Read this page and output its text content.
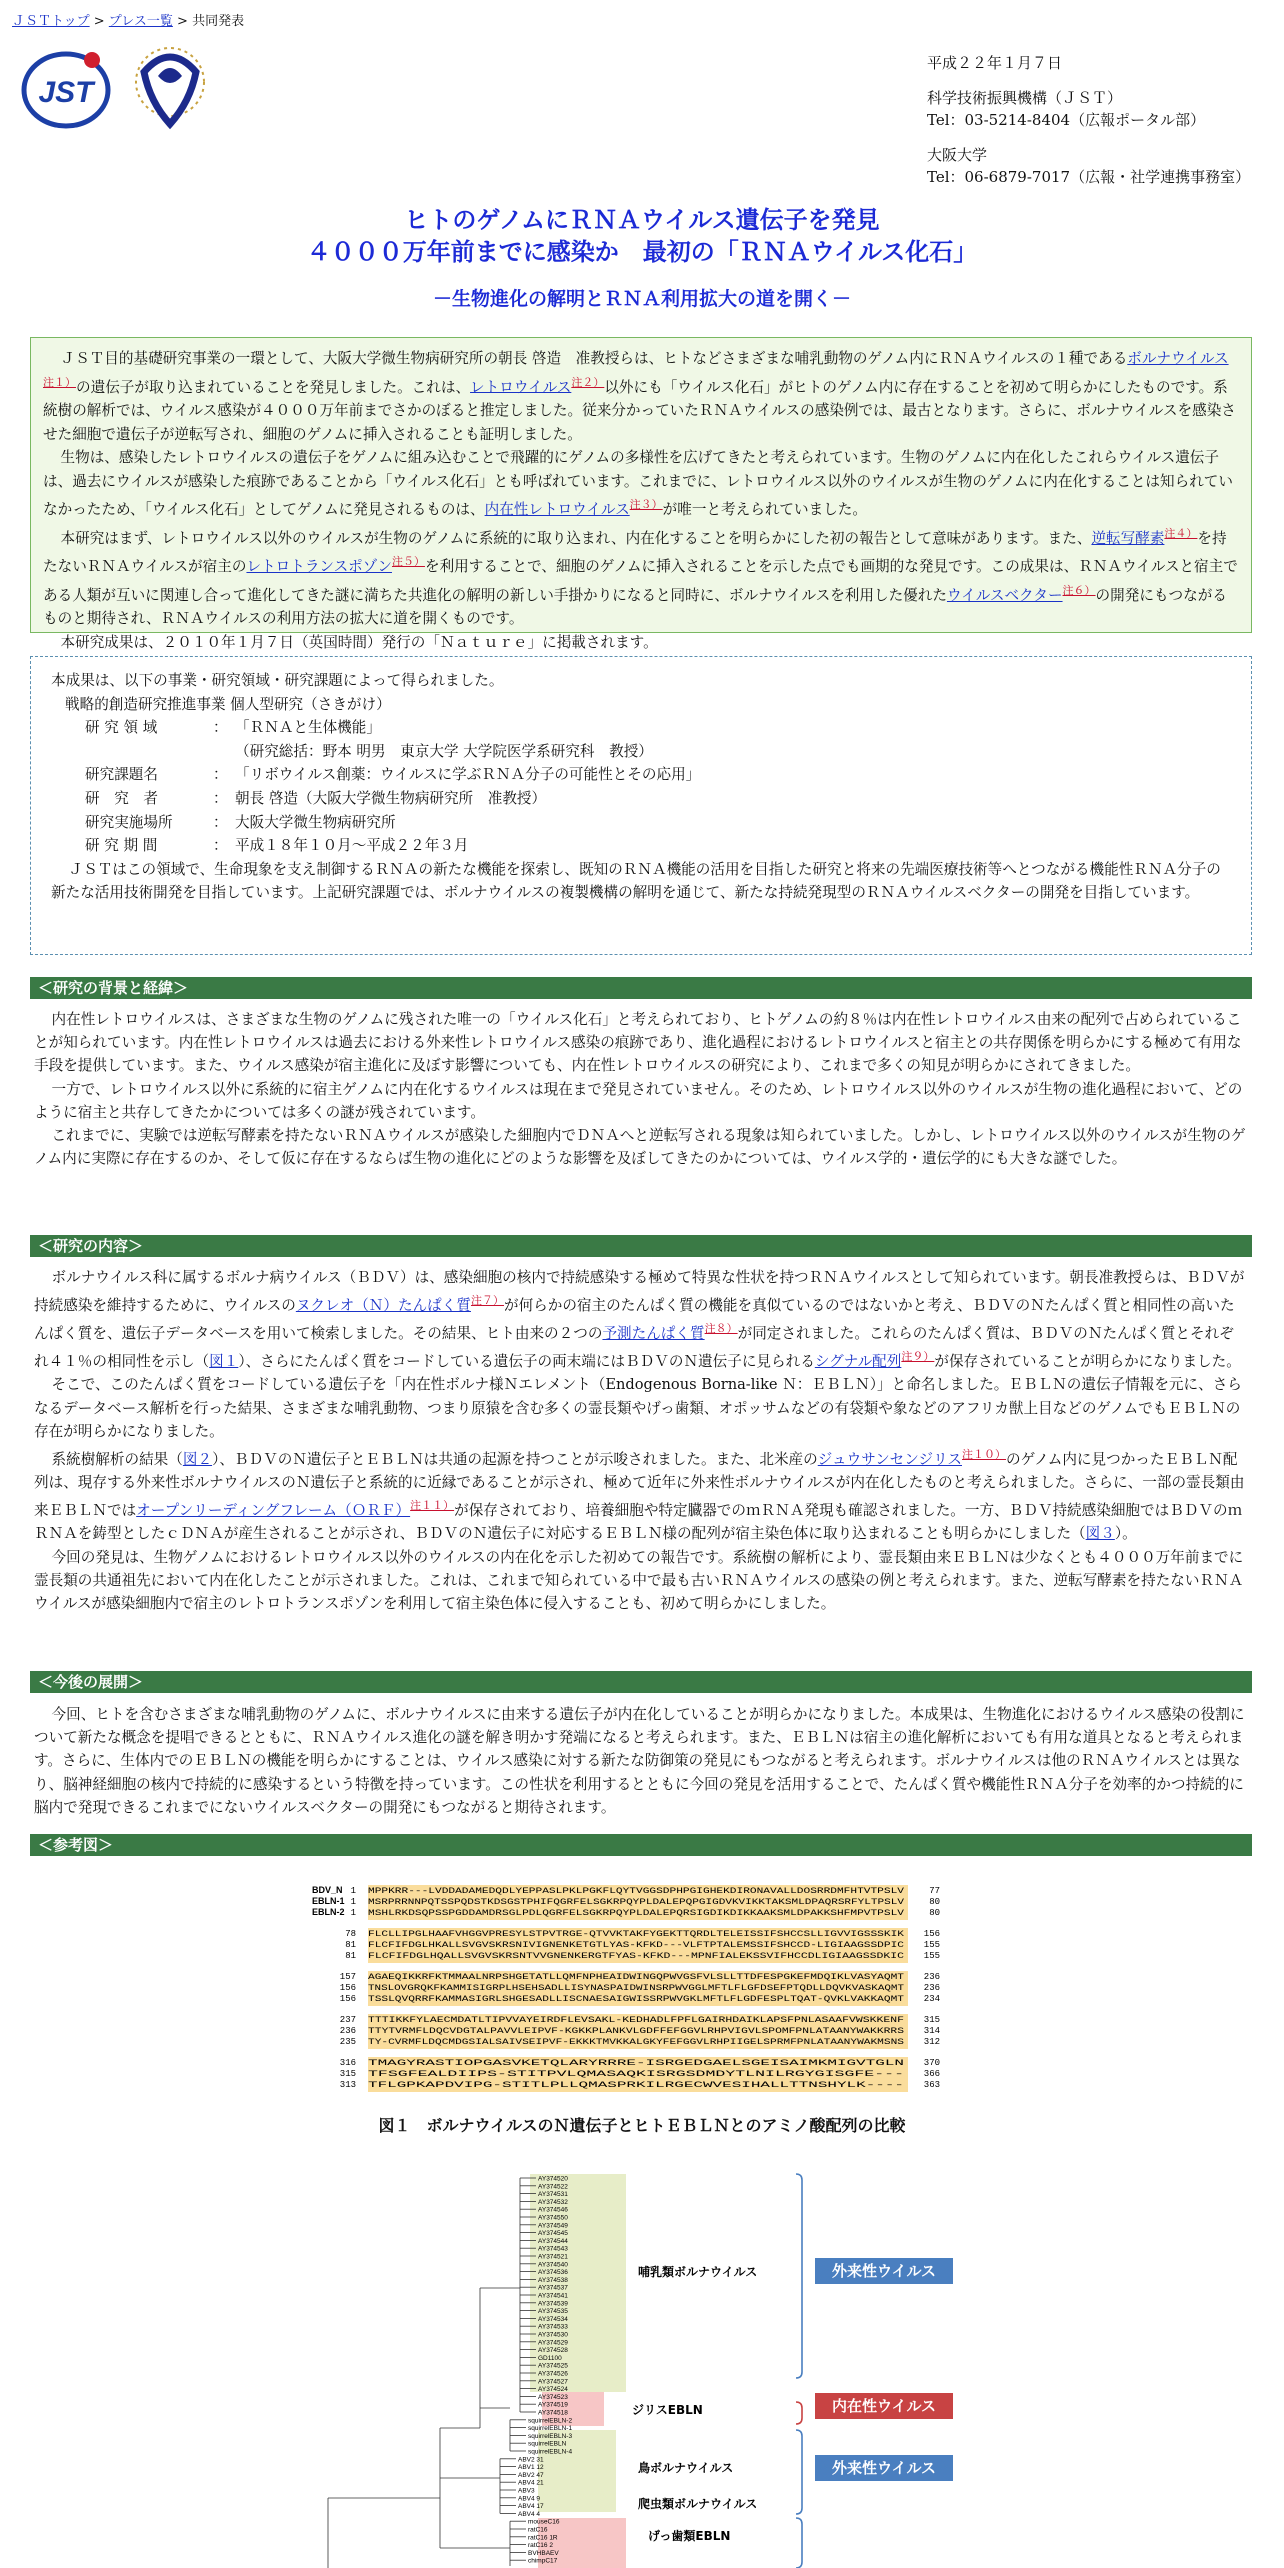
ＪＳＴトップ > プレス一覧 > 共同発表
JST
平成２２年１月７日
科学技術振興機構（ＪＳＴ）
Tel：03-5214-8404（広報ポータル部）
大阪大学
Tel：06-6879-7017（広報・社学連携事務室）
ヒトのゲノムにＲＮＡウイルス遺伝子を発見
４０００万年前までに感染か　最初の「ＲＮＡウイルス化石」
－生物進化の解明とＲＮＡ利用拡大の道を開く－

ＪＳＴ目的基礎研究事業の一環として、大阪大学微生物病研究所の朝長 啓造　准教授らは、ヒトなどさまざまな哺乳動物のゲノム内にＲＮＡウイルスの１種であるボルナウイルス$^{注1)}$の遺伝子が取り込まれていることを発見しました。これは、レトロウイルス$^{注2)}$以外にも「ウイルス化石」がヒトのゲノム内に存在することを初めて明らかにしたものです。系統樹の解析では、ウイルス感染が４０００万年前までさかのぼると推定しました。従来分かっていたＲＮＡウイルスの感染例では、最古となります。さらに、ボルナウイルスを感染させた細胞で遺伝子が逆転写され、細胞のゲノムに挿入されることも証明しました。

生物は、感染したレトロウイルスの遺伝子をゲノムに組み込むことで飛躍的にゲノムの多様性を広げてきたと考えられています。生物のゲノムに内在化したこれらウイルス遺伝子は、過去にウイルスが感染した痕跡であることから「ウイルス化石」とも呼ばれています。これまでに、レトロウイルス以外のウイルスが生物のゲノムに内在化することは知られていなかったため、「ウイルス化石」としてゲノムに発見されるものは、内在性レトロウイルス$^{注3)}$が唯一と考えられていました。

本研究はまず、レトロウイルス以外のウイルスが生物のゲノムに系統的に取り込まれ、内在化することを明らかにした初の報告として意味があります。また、逆転写酵素$^{注4)}$を持たないＲＮＡウイルスが宿主のレトロトランスポゾン$^{注5)}$を利用することで、細胞のゲノムに挿入されることを示した点でも画期的な発見です。この成果は、ＲＮＡウイルスと宿主である人類が互いに関連し合って進化してきた謎に満ちた共進化の解明の新しい手掛かりになると同時に、ボルナウイルスを利用した優れたウイルスベクター$^{注6)}$の開発にもつながるものと期待され、ＲＮＡウイルスの利用方法の拡大に道を開くものです。

本研究成果は、２０１０年１月７日（英国時間）発行の「Ｎａｔｕｒｅ」に掲載されます。

本成果は、以下の事業・研究領域・研究課題によって得られました。

戦略的創造研究推進事業 個人型研究（さきがけ）

研 究 領 域	： 「ＲＮＡと生体機能」
（研究総括：野本 明男　東京大学 大学院医学系研究科　教授）
研究課題名	： 「リボウイルス創薬：ウイルスに学ぶＲＮＡ分子の可能性とその応用」
研　究　者	： 朝長 啓造（大阪大学微生物病研究所　准教授）
研究実施場所	： 大阪大学微生物病研究所
研 究 期 間	： 平成１８年１０月～平成２２年３月

ＪＳＴはこの領域で、生命現象を支え制御するＲＮＡの新たな機能を探索し、既知のＲＮＡ機能の活用を目指した研究と将来の先端医療技術等へとつながる機能性ＲＮＡ分子の新たな活用技術開発を目指しています。上記研究課題では、ボルナウイルスの複製機構の解明を通じて、新たな持続発現型のＲＮＡウイルスベクターの開発を目指しています。

＜研究の背景と経緯＞

内在性レトロウイルスは、さまざまな生物のゲノムに残された唯一の「ウイルス化石」と考えられており、ヒトゲノムの約８％は内在性レトロウイルス由来の配列で占められていることが知られています。内在性レトロウイルスは過去における外来性レトロウイルス感染の痕跡であり、進化過程におけるレトロウイルスと宿主との共存関係を明らかにする極めて有用な手段を提供しています。また、ウイルス感染が宿主進化に及ぼす影響についても、内在性レトロウイルスの研究により、これまで多くの知見が明らかにされてきました。

一方で、レトロウイルス以外に系統的に宿主ゲノムに内在化するウイルスは現在まで発見されていません。そのため、レトロウイルス以外のウイルスが生物の進化過程において、どのように宿主と共存してきたかについては多くの謎が残されています。

これまでに、実験では逆転写酵素を持たないＲＮＡウイルスが感染した細胞内でＤＮＡへと逆転写される現象は知られていました。しかし、レトロウイルス以外のウイルスが生物のゲノム内に実際に存在するのか、そして仮に存在するならば生物の進化にどのような影響を及ぼしてきたのかについては、ウイルス学的・遺伝学的にも大きな謎でした。

＜研究の内容＞

ボルナウイルス科に属するボルナ病ウイルス（ＢＤＶ）は、感染細胞の核内で持続感染する極めて特異な性状を持つＲＮＡウイルスとして知られています。朝長准教授らは、ＢＤＶが持続感染を維持するために、ウイルスのヌクレオ（Ｎ）たんぱく質$^{注7)}$が何らかの宿主のたんぱく質の機能を真似ているのではないかと考え、ＢＤＶのＮたんぱく質と相同性の高いたんぱく質を、遺伝子データベースを用いて検索しました。その結果、ヒト由来の２つの予測たんぱく質$^{注8)}$が同定されました。これらのたんぱく質は、ＢＤＶのＮたんぱく質とそれぞれ４１％の相同性を示し（図１）、さらにたんぱく質をコードしている遺伝子の両末端にはＢＤＶのＮ遺伝子に見られるシグナル配列$^{注9)}$が保存されていることが明らかになりました。

そこで、このたんぱく質をコードしている遺伝子を「内在性ボルナ様Ｎエレメント（Endogenous Borna-like Ｎ：ＥＢＬＮ）」と命名しました。ＥＢＬＮの遺伝子情報を元に、さらなるデータベース解析を行った結果、さまざまな哺乳動物、つまり原猿を含む多くの霊長類やげっ歯類、オポッサムなどの有袋類や象などのアフリカ獣上目などのゲノムでもＥＢＬＮの存在が明らかになりました。

系統樹解析の結果（図２）、ＢＤＶのＮ遺伝子とＥＢＬＮは共通の起源を持つことが示唆されました。また、北米産のジュウサンセンジリス$^{注10)}$のゲノム内に見つかったＥＢＬＮ配列は、現存する外来性ボルナウイルスのＮ遺伝子と系統的に近縁であることが示され、極めて近年に外来性ボルナウイルスが内在化したものと考えられました。さらに、一部の霊長類由来ＥＢＬＮではオープンリーディングフレーム（ＯＲＦ）$^{注11)}$が保存されており、培養細胞や特定臓器でのｍＲＮＡ発現も確認されました。一方、ＢＤＶ持続感染細胞ではＢＤＶのｍＲＮＡを鋳型としたｃＤＮＡが産生されることが示され、ＢＤＶのＮ遺伝子に対応するＥＢＬＮ様の配列が宿主染色体に取り込まれることも明らかにしました（図３）。

今回の発見は、生物ゲノムにおけるレトロウイルス以外のウイルスの内在化を示した初めての報告です。系統樹の解析により、霊長類由来ＥＢＬＮは少なくとも４０００万年前までに霊長類の共通祖先において内在化したことが示されました。これは、これまで知られている中で最も古いＲＮＡウイルスの感染の例と考えられます。また、逆転写酵素を持たないＲＮＡウイルスが感染細胞内で宿主のレトロトランスポゾンを利用して宿主染色体に侵入することも、初めて明らかにしました。

＜今後の展開＞

今回、ヒトを含むさまざまな哺乳動物のゲノムに、ボルナウイルスに由来する遺伝子が内在化していることが明らかになりました。本成果は、生物進化におけるウイルス感染の役割について新たな概念を提唱できるとともに、ＲＮＡウイルス進化の謎を解き明かす発端になると考えられます。また、ＥＢＬＮは宿主の進化解析においても有用な道具となると考えられます。さらに、生体内でのＥＢＬＮの機能を明らかにすることは、ウイルス感染に対する新たな防御策の発見にもつながると考えられます。ボルナウイルスは他のＲＮＡウイルスとは異なり、脳神経細胞の核内で持続的に感染するという特徴を持っています。この性状を利用するとともに今回の発見を活用することで、たんぱく質や機能性ＲＮＡ分子を効率的かつ持続的に脳内で発現できるこれまでにないウイルスベクターの開発にもつながると期待されます。

＜参考図＞
BDV_N 1 MPPKRR---LVDDADAMEDQDLYEPPASLPKLPGKFLQYTVGGSDPHPGIGHEKDIRONAVALLDOSRRDMFHTVTPSLV	77
EBLN-1 1 MSRPRRNNPQTSSPQDSTKDSGSTPHIFQGRFELSGKRPQYPLDALEPQPGIGDVKVIKKTAKSMLDPAQRSRFYLTPSLV	80
EBLN-2 1 MSHLRKDSQPSSPGDDAMDRSGLPDLQGRFELSGKRPQYPLDALEPQRSIGDIKDIKKAAKSMLDPAKKSHFMPVTPSLV	80
78 FLCLLIPGLHAAFVHGGVPRESYLSTPVTRGE-QTVVKTAKFYGEKTTQRDLTELEISSIFSHCCSLLIGVVIGSSSKIK 156
81 FLCFIFDGLHKALLSVGVSKRSNIVIGNENKETGTLYAS-KFKD---VLFTPTALEMSSIFSHCCD-LIGIAAGSSDPIC 155
81 FLCFIFDGLHQALLSVGVSKRSNTVVGNENKERGTFYAS-KFKD---MPNFIALEKSSVIFHCCDLIGIAAGSSDKIC 155
157 AGAEQIKKRFKTMMAALNRPSHGETATLLQMFNPHEAIDWINGQPWVGSFVLSLLTTDFESPGKEFMDQIKLVASYAQMT 236
156 TNSLOVGRQKFKAMMISIGRPLHSEHSADLLISYNASPAIDWINSRPWVGGLMFTLFLGFDSEFPTQDLLDQVKVASKAQMT 236
156 TSSLQVQRRFKAMMASIGRLSHGESADLLISCNAESAIGWISSRPWVGKLMFTLFLGDFESPLTQAT-QVKLVAKKAQMT 234
237 TTTIKKFYLAECMDATLTIPVVAYEIRDFLEVSAKL-KEDHADLFPFLGAIRHDAIKLAPSFPNLASAAFVWSKKENF 315
236 TTYTVRMFLDQCVDGTALPAVVLEIPVF-KGKKPLANKVLGDFFEFGGVLRHPVIGVLSPOMFPNLATAANYWAKKRRS 314
235 TY-CVRMFLDQCMDGSIALSAIVSEIPVF-EKKKTMVKKALGKYFEFGGVLRHPIIGELSPRMFPNLATAANYWAKMSNS 312
316 TMAGYRASTIOPGASVKETQLARYRRRE-ISRGEDGAELSGEISAIMKMIGVTGLN 370
315 TFSGFEALDIIPS-STITPVLQMASAQKISRGSDMDYTLNILRGYGISGFE--- 366
313 TFLGPKAPDVIPG-STITLPLLQMASPRKILRGECWVESIHALLTTNSHYLK---- 363
図１　ボルナウイルスのＮ遺伝子とヒトＥＢＬＮとのアミノ酸配列の比較
AY374520
AY374522
AY374531
AY374532
AY374546
AY374550
AY374549
AY374545
AY374544
AY374543
AY374521
AY374540
AY374536
AY374538
AY374537
AY374541
AY374539
AY374535
AY374534
AY374533
AY374530
AY374529
AY374528
GD1100
AY374525
AY374526
AY374527
AY374524
AY374523
AY374519
AY374518
squirrelEBLN-2
squirrelEBLN-1
squirrelEBLN-3
squirrelEBLN
squirrelEBLN-4
ABV2 31
ABV1 12
ABV2 47
ABV4 21
ABV3
ABV4 9
ABV4 17
ABV4 4
mouseC16
ratC16
ratC16 1R
ratC16 2
BVHBAEV
chimpC17
哺乳類ボルナウイルス
ジリスEBLN
鳥ボルナウイルス
爬虫類ボルナウイルス
げっ歯類EBLN
外来性ウイルス
内在性ウイルス
外来性ウイルス
